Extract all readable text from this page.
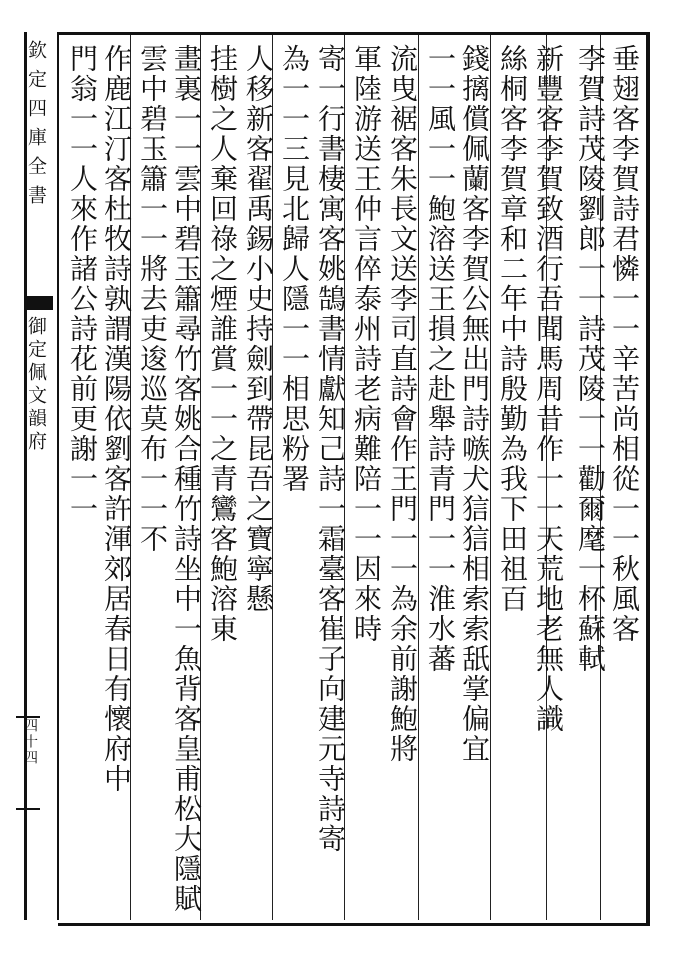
欽定四庫全書
御定佩文韻府
四十四
垂翅客李賀詩君憐一一辛苦尚相從一一秋風客
李賀詩茂陵劉郎一一詩茂陵一一勸爾麾一杯蘇軾
新豐客李賀致酒行吾聞馬周昔作一一天荒地老無人識
絲桐客李賀章和二年中詩殷勤為我下田祖百
錢摛償佩蘭客李賀公無出門詩嗾犬狺狺相索索舐掌偏宜
一一風一一鮑溶送王損之赴舉詩青門一一淮水蕃
流曳裾客朱長文送李司直詩會作王門一一為余前謝鮑將
軍陸游送王仲言倅泰州詩老病難陪一一因來時
寄一行書棲寓客姚鵠書情獻知己詩一霜臺客崔子向建元寺詩寄
為一一三見北歸人隱一一相思粉署
人移新客翟禹錫小史持劍到帶昆吾之寶寧懸
挂樹之人棄回祿之煙誰賞一一之青鸞客鮑溶東
畫裏一一雲中碧玉簫尋竹客姚合種竹詩坐中一魚背客皇甫松大隱賦
雲中碧玉簫一一將去吏逡巡莫布一一不
作鹿江汀客杜牧詩孰謂漢陽依劉客許渾郊居春日有懷府中
門翁一一人來作諸公詩花前更謝一一
